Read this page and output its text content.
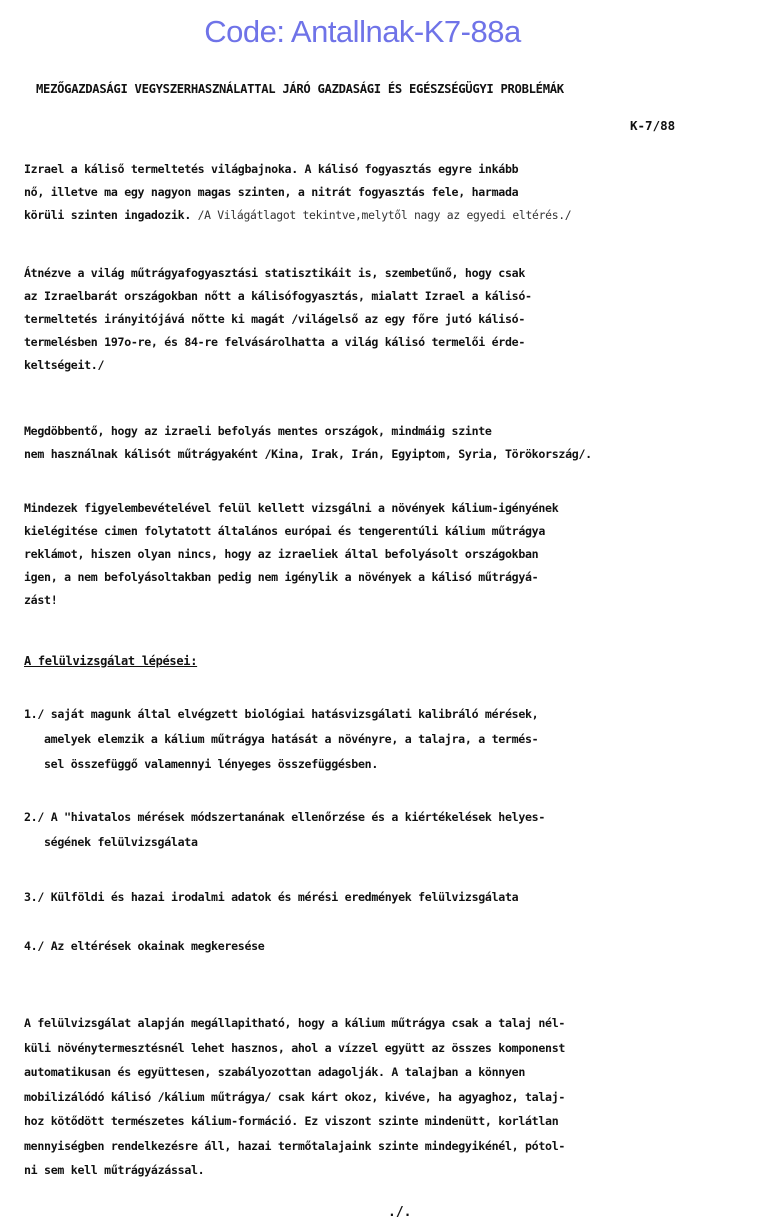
Code: Antallnak-K7-88a
MEZŐGAZDASÁGI VEGYSZERHASZNÁLATTAL JÁRÓ GAZDASÁGI ÉS EGÉSZSÉGÜGYI PROBLÉMÁK
K-7/88
Izrael a káliső termeltetés világbajnoka. A kálisó fogyasztás egyre inkább
nő, illetve ma egy nagyon magas szinten, a nitrát fogyasztás fele, harmada
körüli szinten ingadozik. /A Világátlagot tekintve,melytől nagy az egyedi eltérés./
Átnézve a világ műtrágyafogyasztási statisztikáit is, szembetűnő, hogy csak
az Izraelbarát országokban nőtt a kálisófogyasztás, mialatt Izrael a kálisó-
termeltetés irányitójává nőtte ki magát /világelső az egy főre jutó kálisó-
termelésben 197o-re, és 84-re felvásárolhatta a világ kálisó termelői érde-
keltségeit./
Megdöbbentő, hogy az izraeli befolyás mentes országok, mindmáig szinte
nem használnak kálisót műtrágyaként /Kina, Irak, Irán, Egyiptom, Syria, Törökország/.
Mindezek figyelembevételével felül kellett vizsgálni a növények kálium-igényének
kielégitése cimen folytatott általános európai és tengerentúli kálium műtrágya
reklámot, hiszen olyan nincs, hogy az izraeliek által befolyásolt országokban
igen, a nem befolyásoltakban pedig nem igénylik a növények a kálisó műtrágyá-
zást!
A felülvizsgálat lépései:
1./ saját magunk által elvégzett biológiai hatásvizsgálati kalibráló mérések,
amelyek elemzik a kálium műtrágya hatását a növényre, a talajra, a termés-
sel összefüggő valamennyi lényeges összefüggésben.
2./ A "hivatalos mérések módszertanának ellenőrzése és a kiértékelések helyes-
ségének felülvizsgálata
3./ Külföldi és hazai irodalmi adatok és mérési eredmények felülvizsgálata
4./ Az eltérések okainak megkeresése
A felülvizsgálat alapján megállapitható, hogy a kálium műtrágya csak a talaj nél-
küli növénytermesztésnél lehet hasznos, ahol a vízzel együtt az összes komponenst
automatikusan és együttesen, szabályozottan adagolják. A talajban a könnyen
mobilizálódó kálisó /kálium műtrágya/ csak kárt okoz, kivéve, ha agyaghoz, talaj-
hoz kötődött természetes kálium-formáció. Ez viszont szinte mindenütt, korlátlan
mennyiségben rendelkezésre áll, hazai termőtalajaink szinte mindegyikénél, pótol-
ni sem kell műtrágyázással.
./.
